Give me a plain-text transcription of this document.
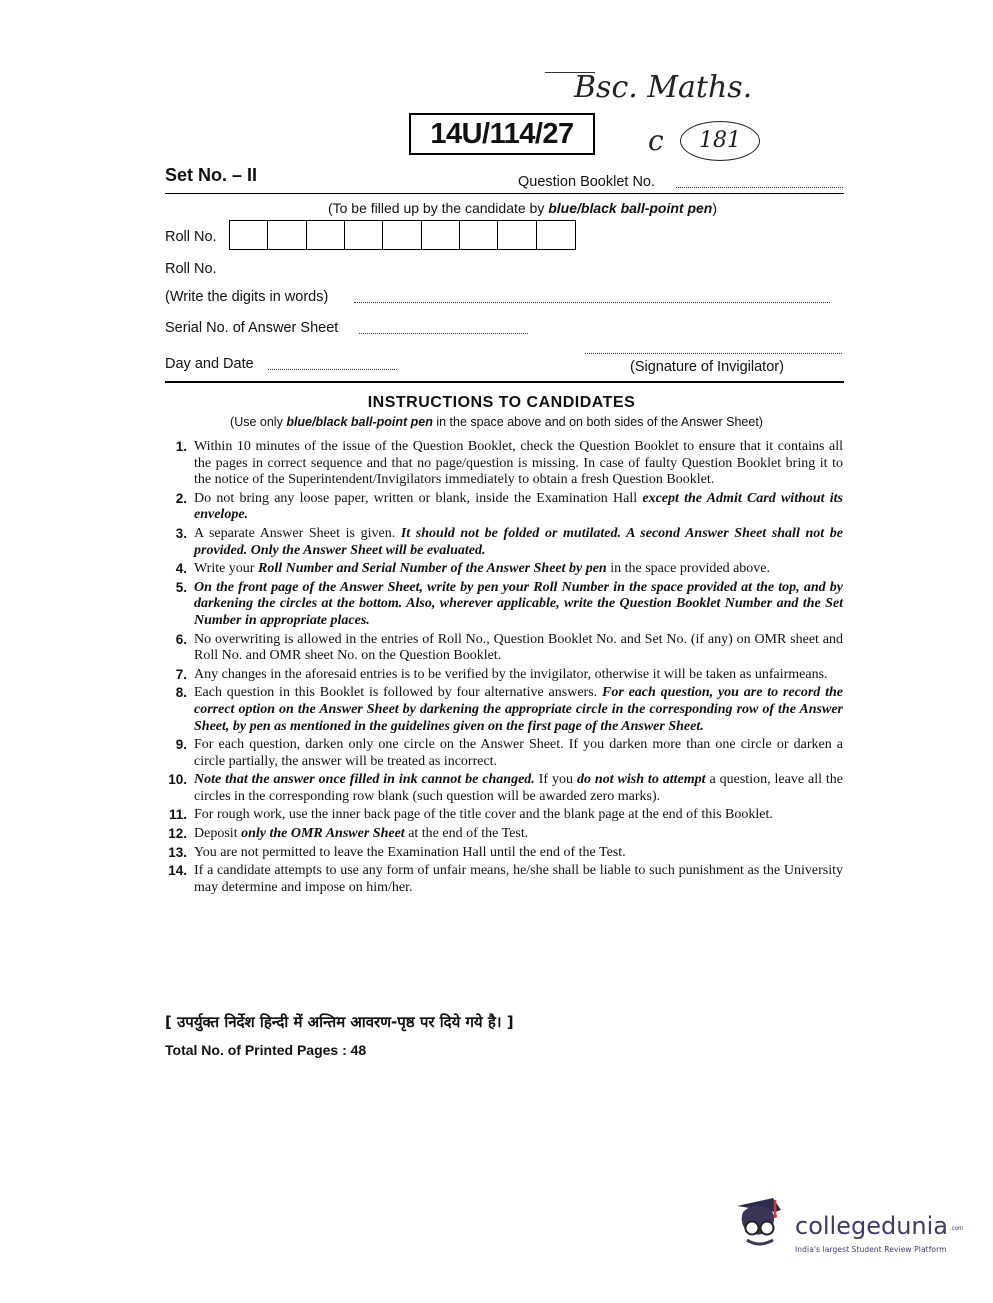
Bsc. Maths.
c	181
14U/114/27
Set No. – II	Question Booklet No.
(To be filled up by the candidate by blue/black ball-point pen)
Roll No.
Roll No.
(Write the digits in words)
Serial No. of Answer Sheet
Day and Date	(Signature of Invigilator)
INSTRUCTIONS TO CANDIDATES
(Use only blue/black ball-point pen in the space above and on both sides of the Answer Sheet)
1. Within 10 minutes of the issue of the Question Booklet, check the Question Booklet to ensure that it contains all the pages in correct sequence and that no page/question is missing. In case of faulty Question Booklet bring it to the notice of the Superintendent/Invigilators immediately to obtain a fresh Question Booklet.
2. Do not bring any loose paper, written or blank, inside the Examination Hall except the Admit Card without its envelope.
3. A separate Answer Sheet is given. It should not be folded or mutilated. A second Answer Sheet shall not be provided. Only the Answer Sheet will be evaluated.
4. Write your Roll Number and Serial Number of the Answer Sheet by pen in the space provided above.
5. On the front page of the Answer Sheet, write by pen your Roll Number in the space provided at the top, and by darkening the circles at the bottom. Also, wherever applicable, write the Question Booklet Number and the Set Number in appropriate places.
6. No overwriting is allowed in the entries of Roll No., Question Booklet No. and Set No. (if any) on OMR sheet and Roll No. and OMR sheet No. on the Question Booklet.
7. Any changes in the aforesaid entries is to be verified by the invigilator, otherwise it will be taken as unfairmeans.
8. Each question in this Booklet is followed by four alternative answers. For each question, you are to record the correct option on the Answer Sheet by darkening the appropriate circle in the corresponding row of the Answer Sheet, by pen as mentioned in the guidelines given on the first page of the Answer Sheet.
9. For each question, darken only one circle on the Answer Sheet. If you darken more than one circle or darken a circle partially, the answer will be treated as incorrect.
10. Note that the answer once filled in ink cannot be changed. If you do not wish to attempt a question, leave all the circles in the corresponding row blank (such question will be awarded zero marks).
11. For rough work, use the inner back page of the title cover and the blank page at the end of this Booklet.
12. Deposit only the OMR Answer Sheet at the end of the Test.
13. You are not permitted to leave the Examination Hall until the end of the Test.
14. If a candidate attempts to use any form of unfair means, he/she shall be liable to such punishment as the University may determine and impose on him/her.
[ उपर्युक्त निर्देश हिन्दी में अन्तिम आवरण-पृष्ठ पर दिये गये है। ]
Total No. of Printed Pages : 48
collegedunia .com
India's largest Student Review Platform
